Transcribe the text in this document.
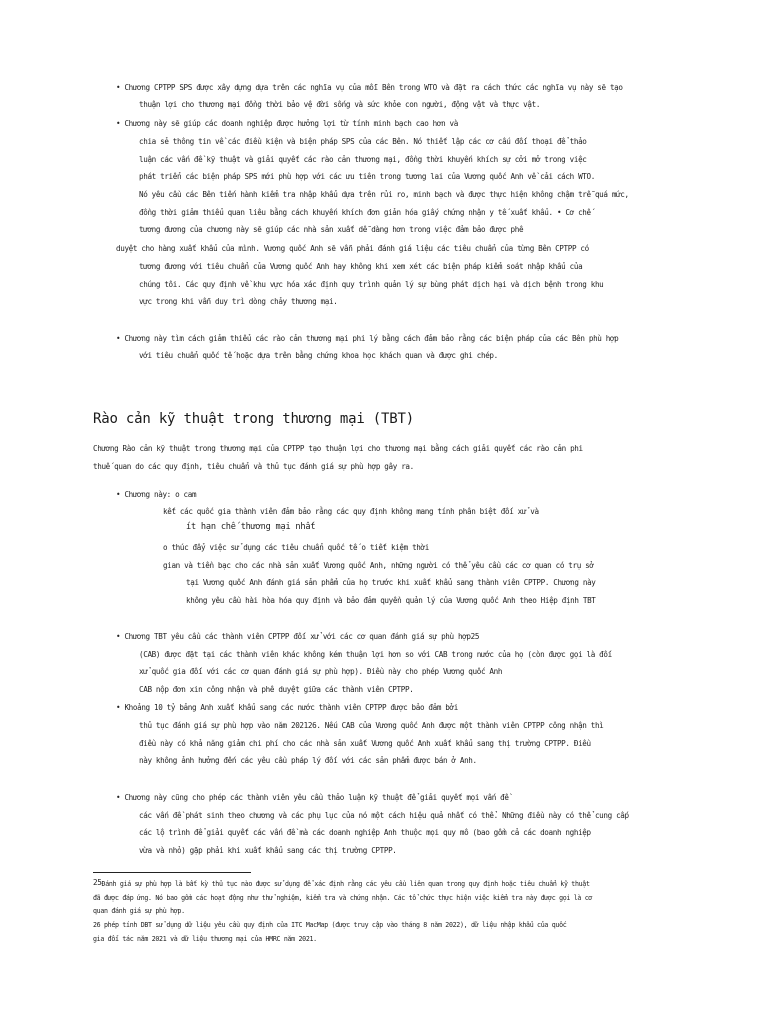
• Chương CPTPP SPS được xây dựng dựa trên các nghĩa vụ của mỗi Bên trong WTO và đặt ra cách thức các nghĩa vụ này sẽ tạo
thuận lợi cho thương mại đồng thời bảo vệ đời sống và sức khỏe con người, động vật và thực vật.
• Chương này sẽ giúp các doanh nghiệp được hưởng lợi từ tính minh bạch cao hơn và
chia sẻ thông tin về các điều kiện và biện pháp SPS của các Bên. Nó thiết lập các cơ cấu đối thoại để thảo
luận các vấn đề kỹ thuật và giải quyết các rào cản thương mại, đồng thời khuyến khích sự cởi mở trong việc
phát triển các biện pháp SPS mới phù hợp với các ưu tiên trong tương lai của Vương quốc Anh về cải cách WTO.
Nó yêu cầu các Bên tiến hành kiểm tra nhập khẩu dựa trên rủi ro, minh bạch và được thực hiện không chậm trễ quá mức,
đồng thời giảm thiểu quan liêu bằng cách khuyến khích đơn giản hóa giấy chứng nhận y tế xuất khẩu. • Cơ chế
tương đương của chương này sẽ giúp các nhà sản xuất dễ dàng hơn trong việc đảm bảo được phê
duyệt cho hàng xuất khẩu của mình. Vương quốc Anh sẽ vẫn phải đánh giá liệu các tiêu chuẩn của từng Bên CPTPP có
tương đương với tiêu chuẩn của Vương quốc Anh hay không khi xem xét các biện pháp kiểm soát nhập khẩu của
chúng tôi. Các quy định về khu vực hóa xác định quy trình quản lý sự bùng phát dịch hại và dịch bệnh trong khu
vực trong khi vẫn duy trì dòng chảy thương mại.
• Chương này tìm cách giảm thiểu các rào cản thương mại phi lý bằng cách đảm bảo rằng các biện pháp của các Bên phù hợp
với tiêu chuẩn quốc tế hoặc dựa trên bằng chứng khoa học khách quan và được ghi chép.
Rào cản kỹ thuật trong thương mại (TBT)
Chương Rào cản kỹ thuật trong thương mại của CPTPP tạo thuận lợi cho thương mại bằng cách giải quyết các rào cản phi
thuế quan do các quy định, tiêu chuẩn và thủ tục đánh giá sự phù hợp gây ra.
• Chương này: o cam
kết các quốc gia thành viên đảm bảo rằng các quy định không mang tính phân biệt đối xử và
ít hạn chế thương mại nhất
o thúc đẩy việc sử dụng các tiêu chuẩn quốc tế o tiết kiệm thời
gian và tiền bạc cho các nhà sản xuất Vương quốc Anh, những người có thể yêu cầu các cơ quan có trụ sở
tại Vương quốc Anh đánh giá sản phẩm của họ trước khi xuất khẩu sang thành viên CPTPP. Chương này
không yêu cầu hài hòa hóa quy định và bảo đảm quyền quản lý của Vương quốc Anh theo Hiệp định TBT
• Chương TBT yêu cầu các thành viên CPTPP đối xử với các cơ quan đánh giá sự phù hợp25
(CAB) được đặt tại các thành viên khác không kém thuận lợi hơn so với CAB trong nước của họ (còn được gọi là đối
xử quốc gia đối với các cơ quan đánh giá sự phù hợp). Điều này cho phép Vương quốc Anh
CAB nộp đơn xin công nhận và phê duyệt giữa các thành viên CPTPP.
• Khoảng 10 tỷ bảng Anh xuất khẩu sang các nước thành viên CPTPP được bảo đảm bởi
thủ tục đánh giá sự phù hợp vào năm 202126. Nếu CAB của Vương quốc Anh được một thành viên CPTPP công nhận thì
điều này có khả năng giảm chi phí cho các nhà sản xuất Vương quốc Anh xuất khẩu sang thị trường CPTPP. Điều
này không ảnh hưởng đến các yêu cầu pháp lý đối với các sản phẩm được bán ở Anh.
• Chương này cũng cho phép các thành viên yêu cầu thảo luận kỹ thuật để giải quyết mọi vấn đề
các vấn đề phát sinh theo chương và các phụ lục của nó một cách hiệu quả nhất có thể. Những điều này có thể cung cấp
các lộ trình để giải quyết các vấn đề mà các doanh nghiệp Anh thuộc mọi quy mô (bao gồm cả các doanh nghiệp
vừa và nhỏ) gặp phải khi xuất khẩu sang các thị trường CPTPP.
25Đánh giá sự phù hợp là bất kỳ thủ tục nào được sử dụng để xác định rằng các yêu cầu liên quan trong quy định hoặc tiêu chuẩn kỹ thuật
đã được đáp ứng. Nó bao gồm các hoạt động như thử nghiệm, kiểm tra và chứng nhận. Các tổ chức thực hiện việc kiểm tra này được gọi là cơ
quan đánh giá sự phù hợp.
26 phép tính DBT sử dụng dữ liệu yêu cầu quy định của ITC MacMap (được truy cập vào tháng 8 năm 2022), dữ liệu nhập khẩu của quốc
gia đối tác năm 2021 và dữ liệu thương mại của HMRC năm 2021.
